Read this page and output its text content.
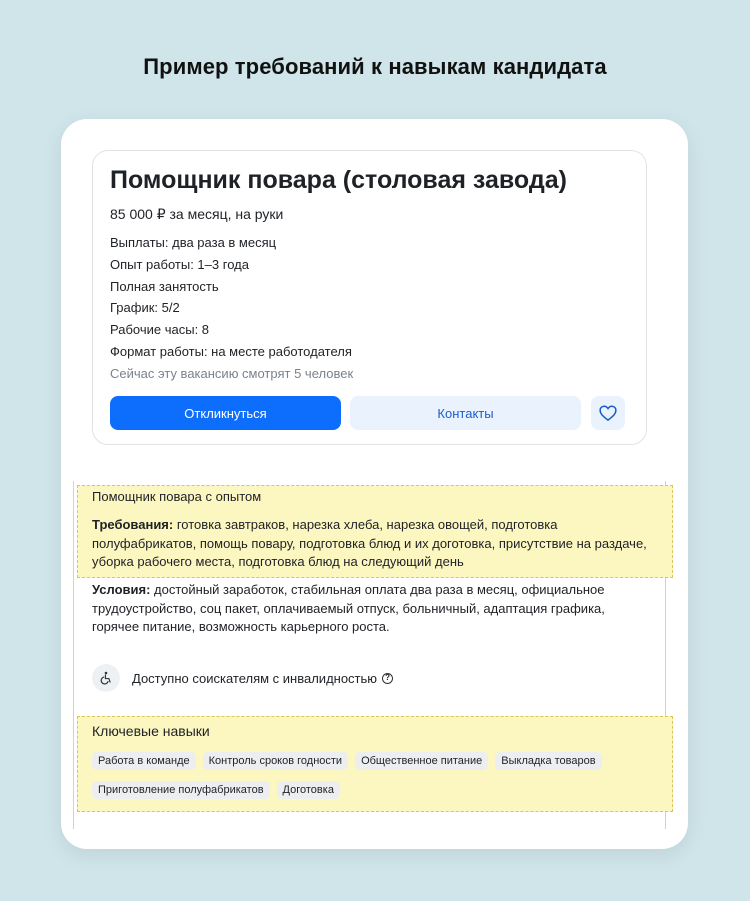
Пример требований к навыкам кандидата
Помощник повара (столовая завода)
85 000 ₽ за месяц, на руки
Выплаты: два раза в месяц
Опыт работы: 1–3 года
Полная занятость
График: 5/2
Рабочие часы: 8
Формат работы: на месте работодателя
Сейчас эту вакансию смотрят 5 человек
Откликнуться	Контакты
Помощник повара с опытом
Требования: готовка завтраков, нарезка хлеба, нарезка овощей, подготовка
полуфабрикатов, помощь повару, подготовка блюд и их доготовка, присутствие на раздаче,
уборка рабочего места, подготовка блюд на следующий день
Условия: достойный заработок, стабильная оплата два раза в месяц, официальное
трудоустройство, соц пакет, оплачиваемый отпуск, больничный, адаптация графика,
горячее питание, возможность карьерного роста.
Доступно соискателям с инвалидностью	?
Ключевые навыки
Работа в команде	Контроль сроков годности	Общественное питание	Выкладка товаров
Приготовление полуфабрикатов	Доготовка
